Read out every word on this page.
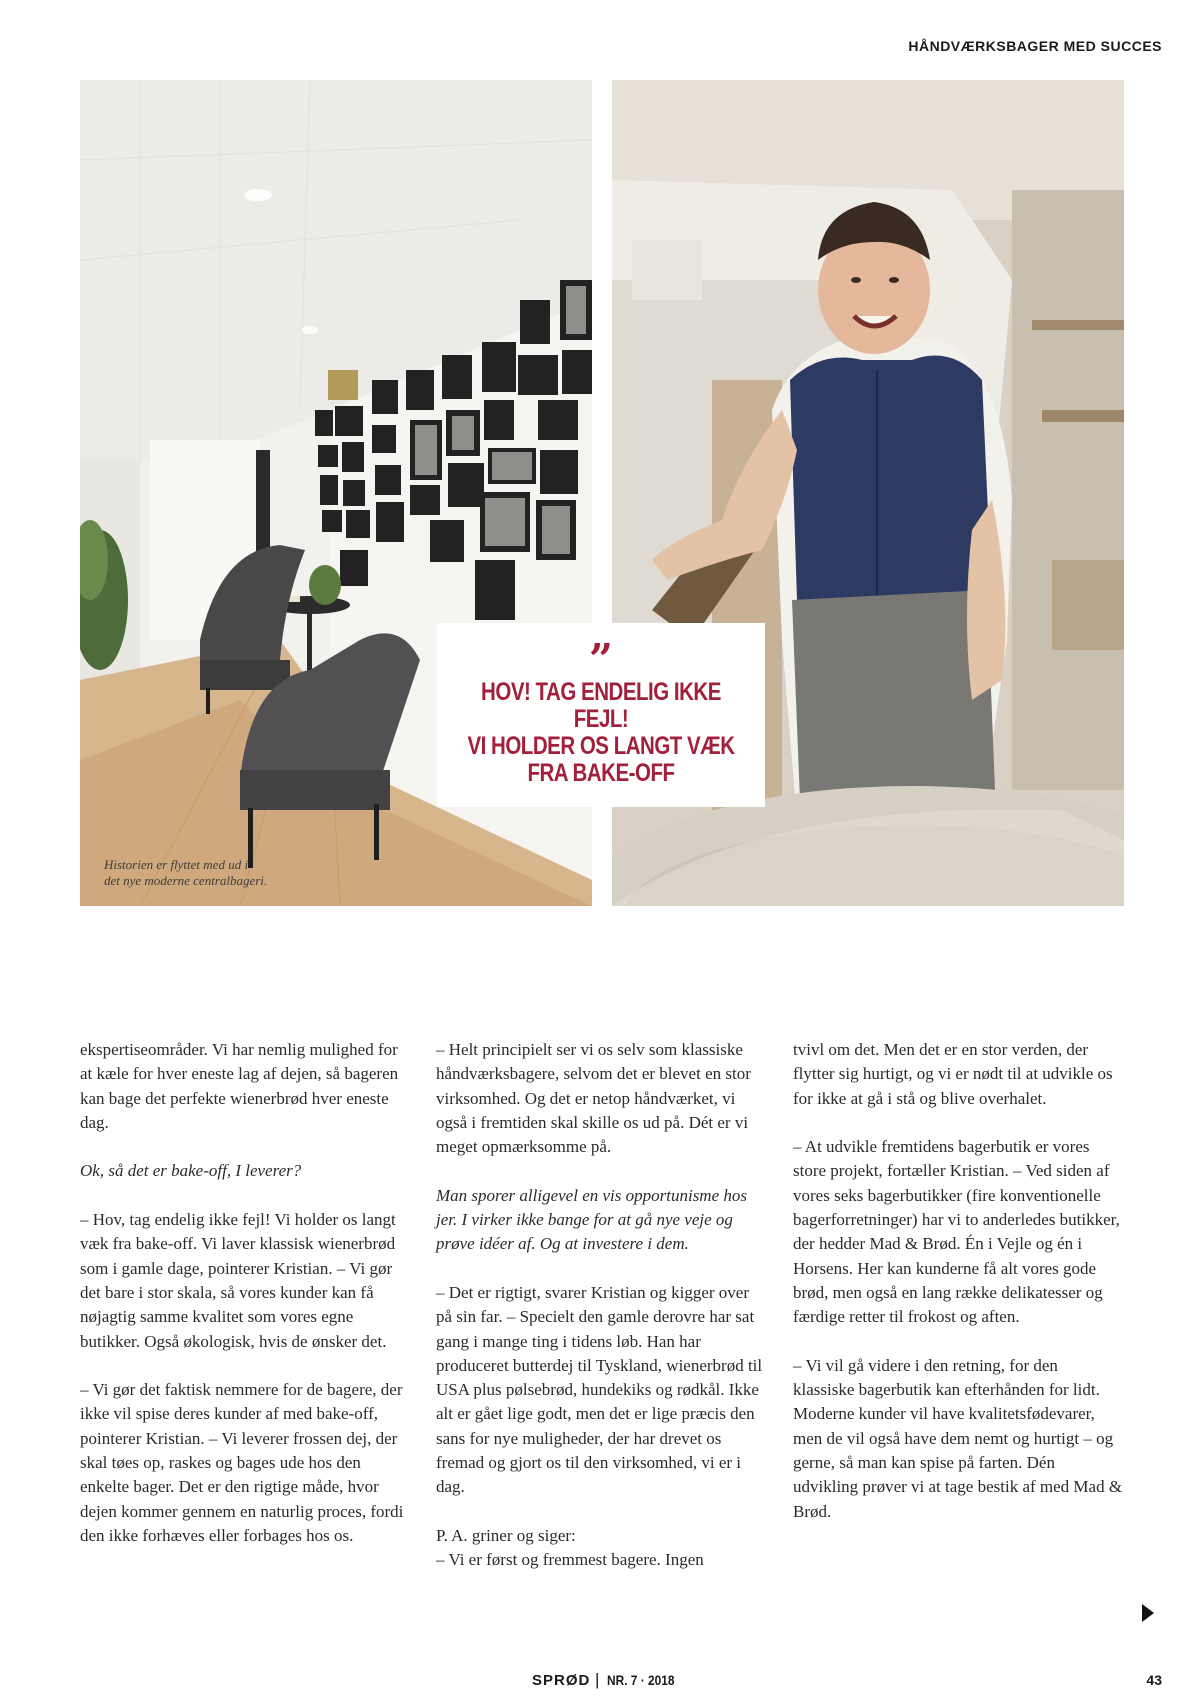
HÅNDVÆRKSBAGER MED SUCCES
Historien er flyttet med ud i
det nye moderne centralbageri.
”
HOV! TAG ENDELIG IKKE FEJL!
VI HOLDER OS LANGT VÆK
FRA BAKE-OFF

ekspertiseområder. Vi har nemlig mulighed for at kæle for hver eneste lag af dejen, så bageren kan bage det perfekte wienerbrød hver eneste dag.

Ok, så det er bake-off, I leverer?

– Hov, tag endelig ikke fejl! Vi holder os langt væk fra bake-off. Vi laver klassisk wienerbrød som i gamle dage, pointerer Kristian. – Vi gør det bare i stor skala, så vores kunder kan få nøjagtig samme kvalitet som vores egne butikker. Også økologisk, hvis de ønsker det.

– Vi gør det faktisk nemmere for de bagere, der ikke vil spise deres kunder af med bake-off, pointerer Kristian. – Vi leverer frossen dej, der skal tøes op, raskes og bages ude hos den enkelte bager. Det er den rigtige måde, hvor dejen kommer gennem en naturlig proces, fordi den ikke forhæves eller forbages hos os.

– Helt principielt ser vi os selv som klassiske håndværksbagere, selvom det er blevet en stor virksomhed. Og det er netop håndværket, vi også i fremtiden skal skille os ud på. Dét er vi meget opmærksomme på.

Man sporer alligevel en vis opportunisme hos jer. I virker ikke bange for at gå nye veje og prøve idéer af. Og at investere i dem.

– Det er rigtigt, svarer Kristian og kigger over på sin far. – Specielt den gamle derovre har sat gang i mange ting i tidens løb. Han har produceret butterdej til Tyskland, wienerbrød til USA plus pølsebrød, hundekiks og rødkål. Ikke alt er gået lige godt, men det er lige præcis den sans for nye muligheder, der har drevet os fremad og gjort os til den virksomhed, vi er i dag.

P. A. griner og siger:

– Vi er først og fremmest bagere. Ingen

tvivl om det. Men det er en stor verden, der flytter sig hurtigt, og vi er nødt til at udvikle os for ikke at gå i stå og blive overhalet.

– At udvikle fremtidens bagerbutik er vores store projekt, fortæller Kristian. – Ved siden af vores seks bagerbutikker (fire konventionelle bagerforretninger) har vi to anderledes butikker, der hedder Mad & Brød. Én i Vejle og én i Horsens. Her kan kunderne få alt vores gode brød, men også en lang række delikatesser og færdige retter til frokost og aften.

– Vi vil gå videre i den retning, for den klassiske bagerbutik kan efterhånden for lidt. Moderne kunder vil have kvalitetsfødevarer, men de vil også have dem nemt og hurtigt – og gerne, så man kan spise på farten. Dén udvikling prøver vi at tage bestik af med Mad & Brød.

SPRØD | NR. 7 · 2018	43
